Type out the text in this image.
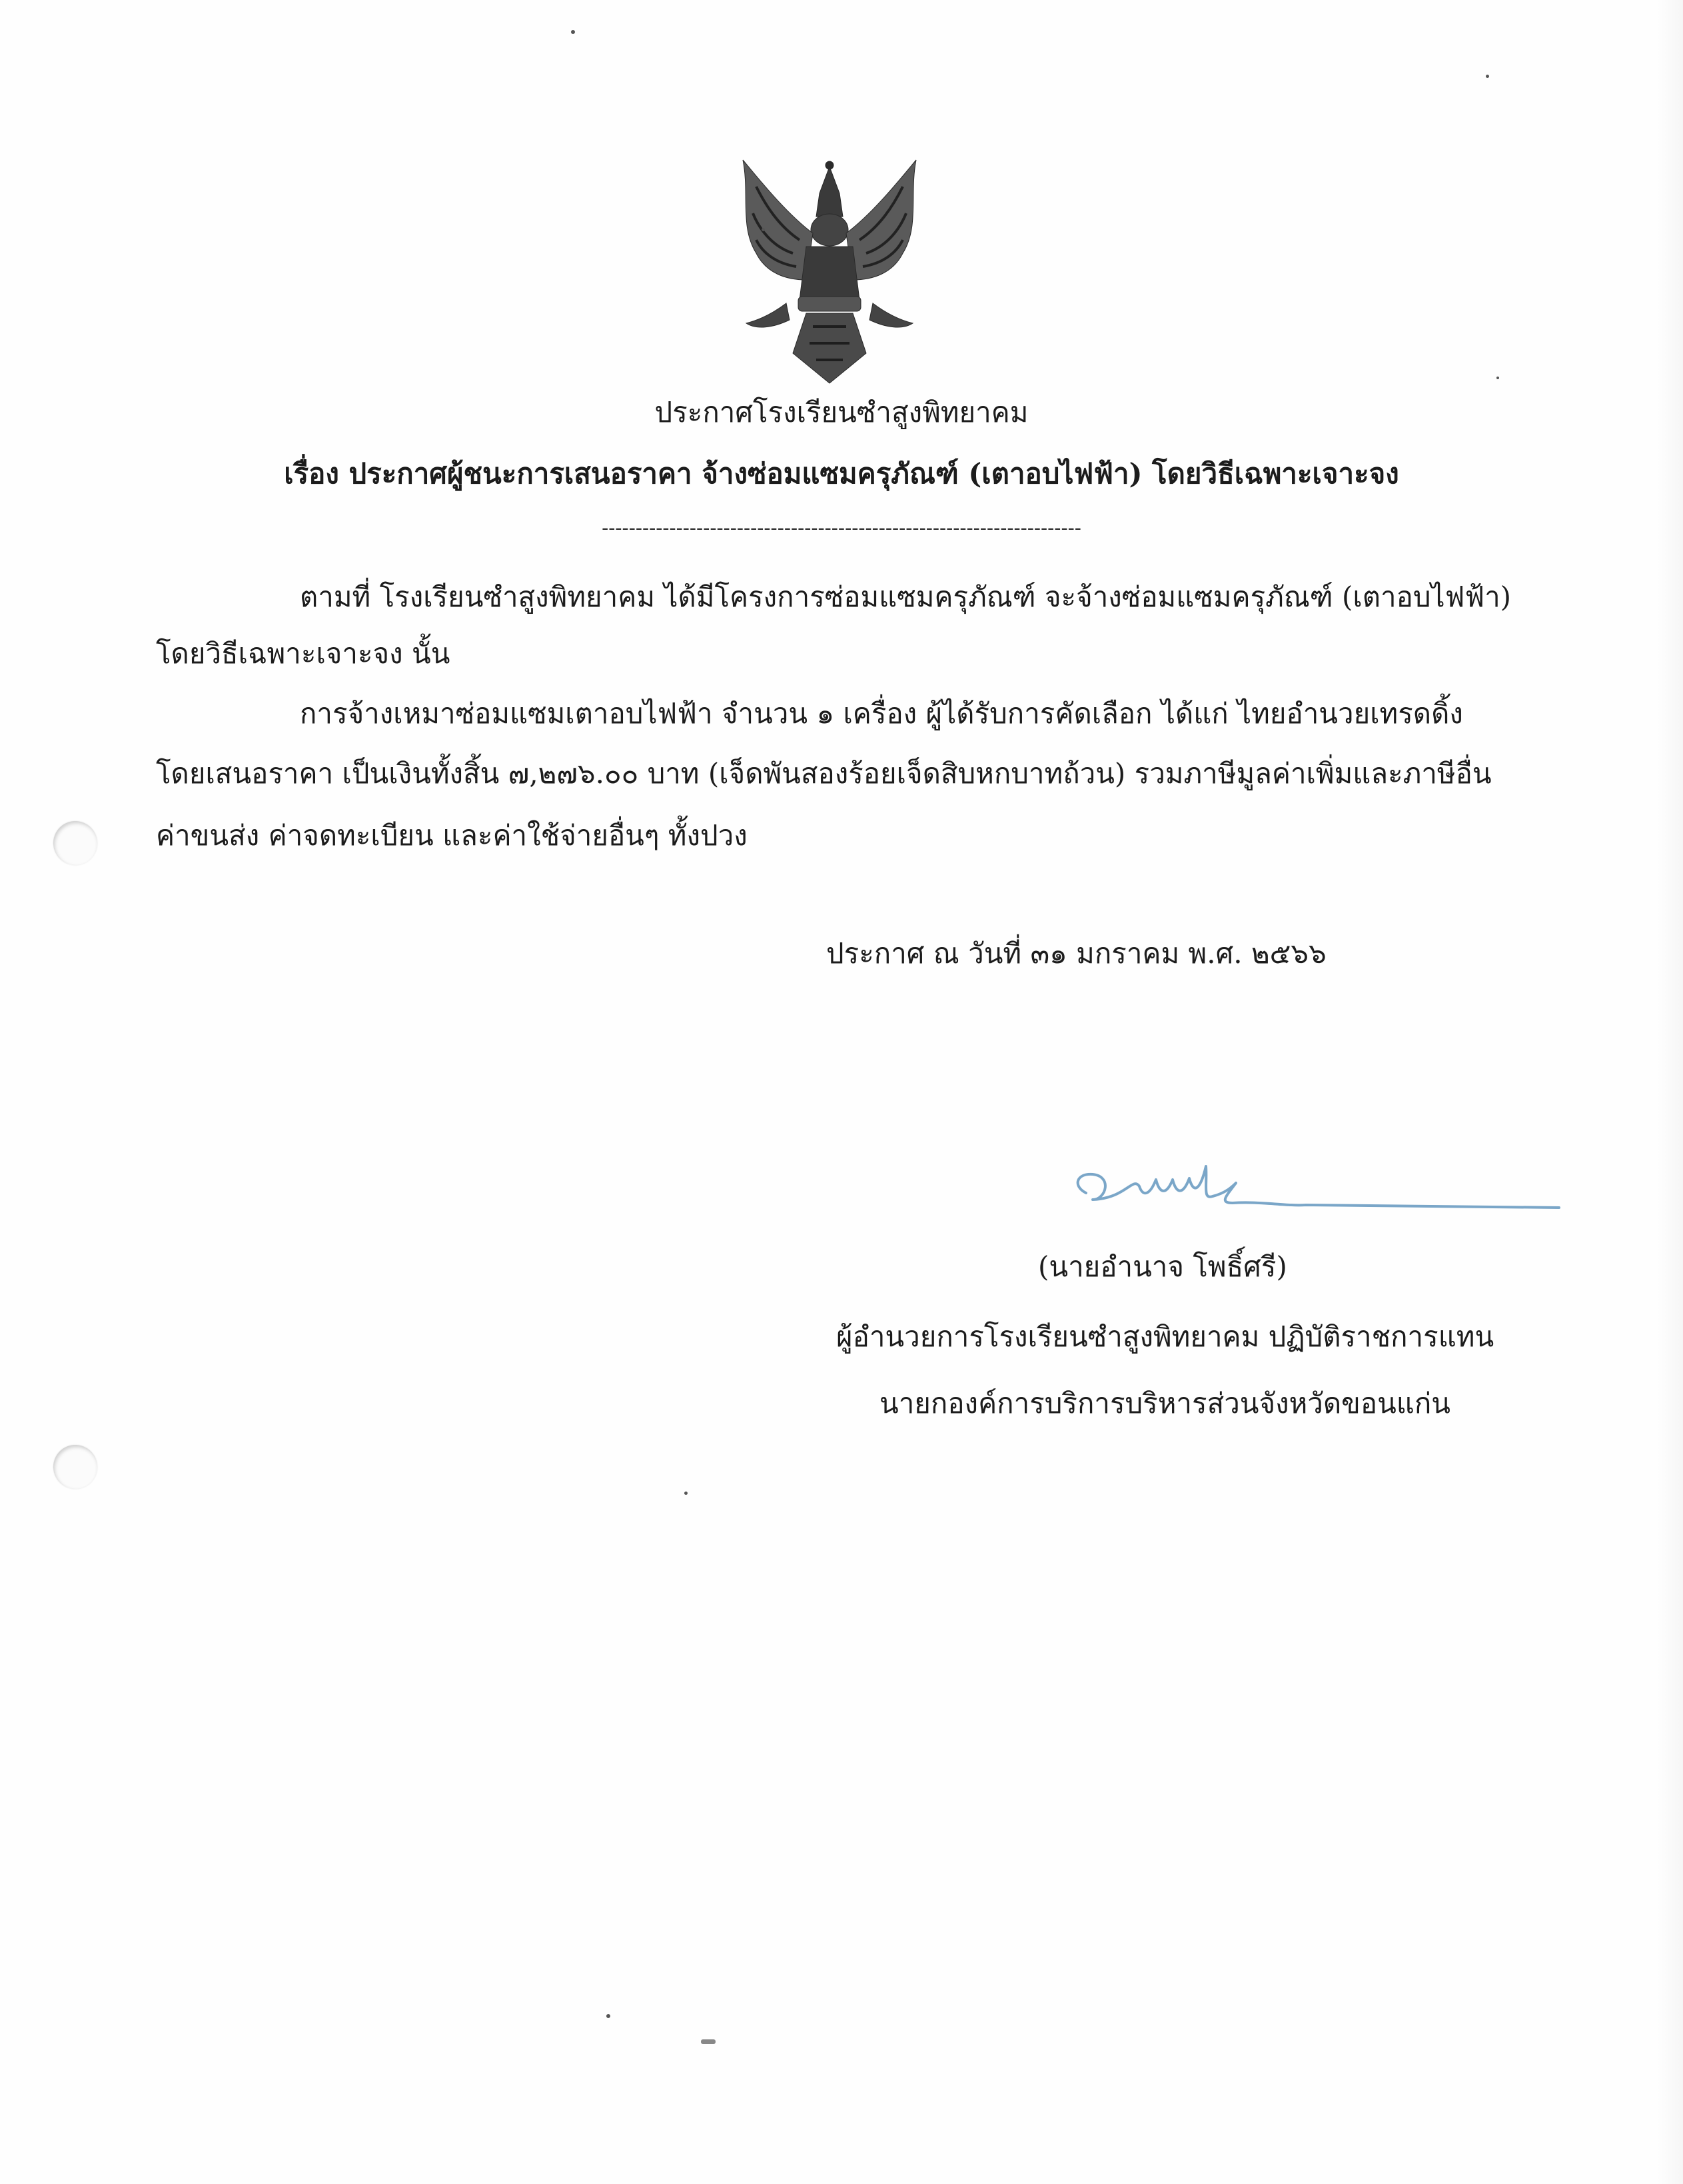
ประกาศโรงเรียนซำสูงพิทยาคม
เรื่อง ประกาศผู้ชนะการเสนอราคา จ้างซ่อมแซมครุภัณฑ์ (เตาอบไฟฟ้า) โดยวิธีเฉพาะเจาะจง
-----------------------------------------------------------------------
ตามที่ โรงเรียนซำสูงพิทยาคม ได้มีโครงการซ่อมแซมครุภัณฑ์ จะจ้างซ่อมแซมครุภัณฑ์ (เตาอบไฟฟ้า)
โดยวิธีเฉพาะเจาะจง นั้น
การจ้างเหมาซ่อมแซมเตาอบไฟฟ้า จำนวน ๑ เครื่อง ผู้ได้รับการคัดเลือก ได้แก่ ไทยอำนวยเทรดดิ้ง
โดยเสนอราคา เป็นเงินทั้งสิ้น ๗,๒๗๖.๐๐ บาท (เจ็ดพันสองร้อยเจ็ดสิบหกบาทถ้วน) รวมภาษีมูลค่าเพิ่มและภาษีอื่น
ค่าขนส่ง ค่าจดทะเบียน และค่าใช้จ่ายอื่นๆ ทั้งปวง
ประกาศ ณ วันที่ ๓๑ มกราคม พ.ศ. ๒๕๖๖
(นายอำนาจ โพธิ์ศรี)
ผู้อำนวยการโรงเรียนซำสูงพิทยาคม ปฏิบัติราชการแทน
นายกองค์การบริการบริหารส่วนจังหวัดขอนแก่น
